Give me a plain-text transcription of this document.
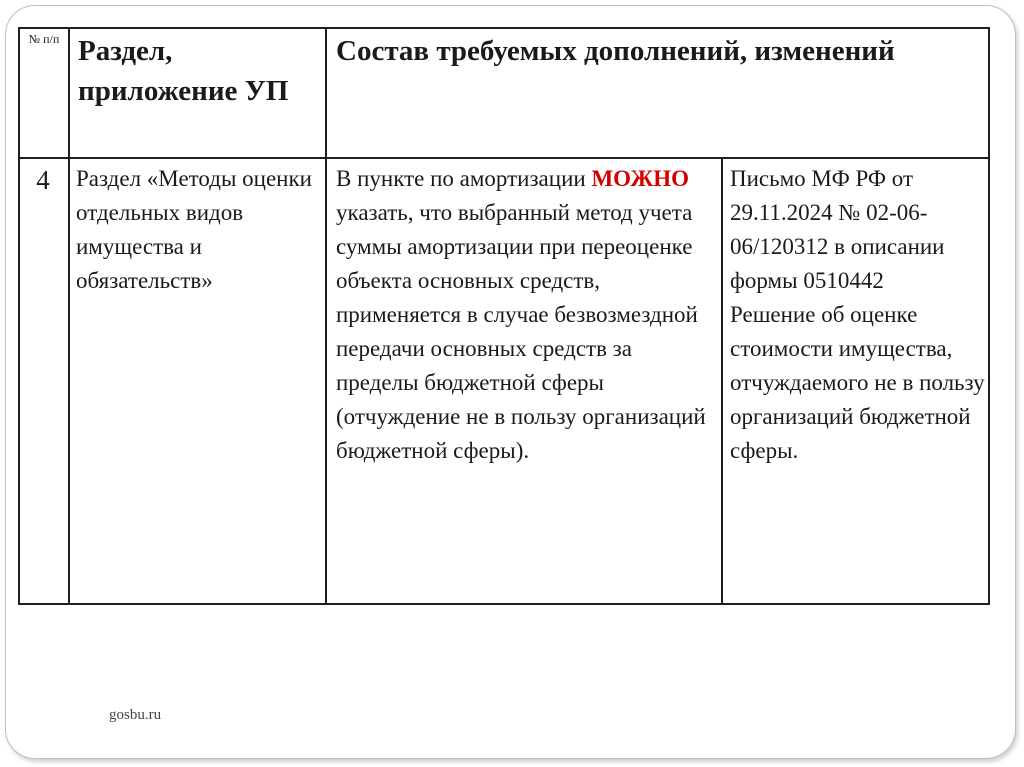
№ п/п Раздел, приложение УП
Состав требуемых дополнений, изменений
4	Раздел «Методы оценки отдельных видов имущества и обязательств»
В пункте по амортизации МОЖНО указать, что выбранный метод учета суммы амортизации при переоценке объекта основных средств, применяется в случае безвозмездной передачи основных средств за пределы бюджетной сферы (отчуждение не в пользу организаций бюджетной сферы).
Письмо МФ РФ от 29.11.2024 № 02-06-06/120312 в описании формы 0510442
Решение об оценке стоимости имущества, отчуждаемого не в пользу организаций бюджетной сферы.
gosbu.ru
